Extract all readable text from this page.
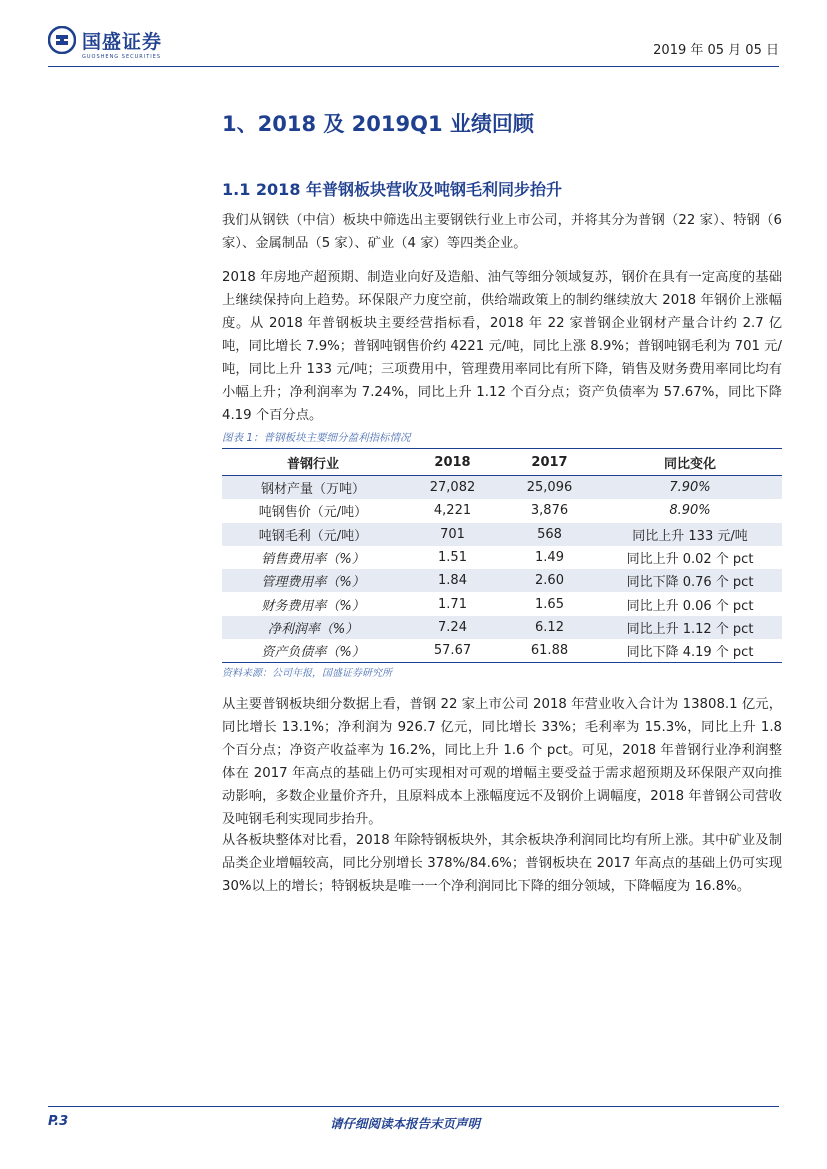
国盛证券
GUOSHENG SECURITIES	2019 年 05 月 05 日
1、2018 及 2019Q1 业绩回顾
1.1 2018 年普钢板块营收及吨钢毛利同步抬升

我们从钢铁（中信）板块中筛选出主要钢铁行业上市公司，并将其分为普钢（22 家）、特钢（6 家）、金属制品（5 家）、矿业（4 家）等四类企业。

2018 年房地产超预期、制造业向好及造船、油气等细分领域复苏，钢价在具有一定高度的基础上继续保持向上趋势。环保限产力度空前，供给端政策上的制约继续放大 2018 年钢价上涨幅度。从 2018 年普钢板块主要经营指标看，2018 年 22 家普钢企业钢材产量合计约 2.7 亿吨，同比增长 7.9%；普钢吨钢售价约 4221 元/吨，同比上涨 8.9%；普钢吨钢毛利为 701 元/吨，同比上升 133 元/吨；三项费用中，管理费用率同比有所下降，销售及财务费用率同比均有小幅上升；净利润率为 7.24%，同比上升 1.12 个百分点；资产负债率为 57.67%，同比下降 4.19 个百分点。

图表 1：普钢板块主要细分盈利指标情况
普钢行业	2018	2017	同比变化
钢材产量（万吨）	27,082	25,096	7.90%
吨钢售价（元/吨）	4,221	3,876	8.90%
吨钢毛利（元/吨）	701	568	同比上升 133 元/吨
销售费用率（%）	1.51	1.49	同比上升 0.02 个 pct
管理费用率（%）	1.84	2.60	同比下降 0.76 个 pct
财务费用率（%）	1.71	1.65	同比上升 0.06 个 pct
净利润率（%）	7.24	6.12	同比上升 1.12 个 pct
资产负债率（%）	57.67	61.88	同比下降 4.19 个 pct
资料来源：公司年报，国盛证券研究所

从主要普钢板块细分数据上看，普钢 22 家上市公司 2018 年营业收入合计为 13808.1 亿元，同比增长 13.1%；净利润为 926.7 亿元，同比增长 33%；毛利率为 15.3%，同比上升 1.8 个百分点；净资产收益率为 16.2%，同比上升 1.6 个 pct。可见，2018 年普钢行业净利润整体在 2017 年高点的基础上仍可实现相对可观的增幅主要受益于需求超预期及环保限产双向推动影响，多数企业量价齐升，且原料成本上涨幅度远不及钢价上调幅度，2018 年普钢公司营收及吨钢毛利实现同步抬升。

从各板块整体对比看，2018 年除特钢板块外，其余板块净利润同比均有所上涨。其中矿业及制品类企业增幅较高，同比分别增长 378%/84.6%；普钢板块在 2017 年高点的基础上仍可实现 30%以上的增长；特钢板块是唯一一个净利润同比下降的细分领域，下降幅度为 16.8%。

P.3	请仔细阅读本报告末页声明
